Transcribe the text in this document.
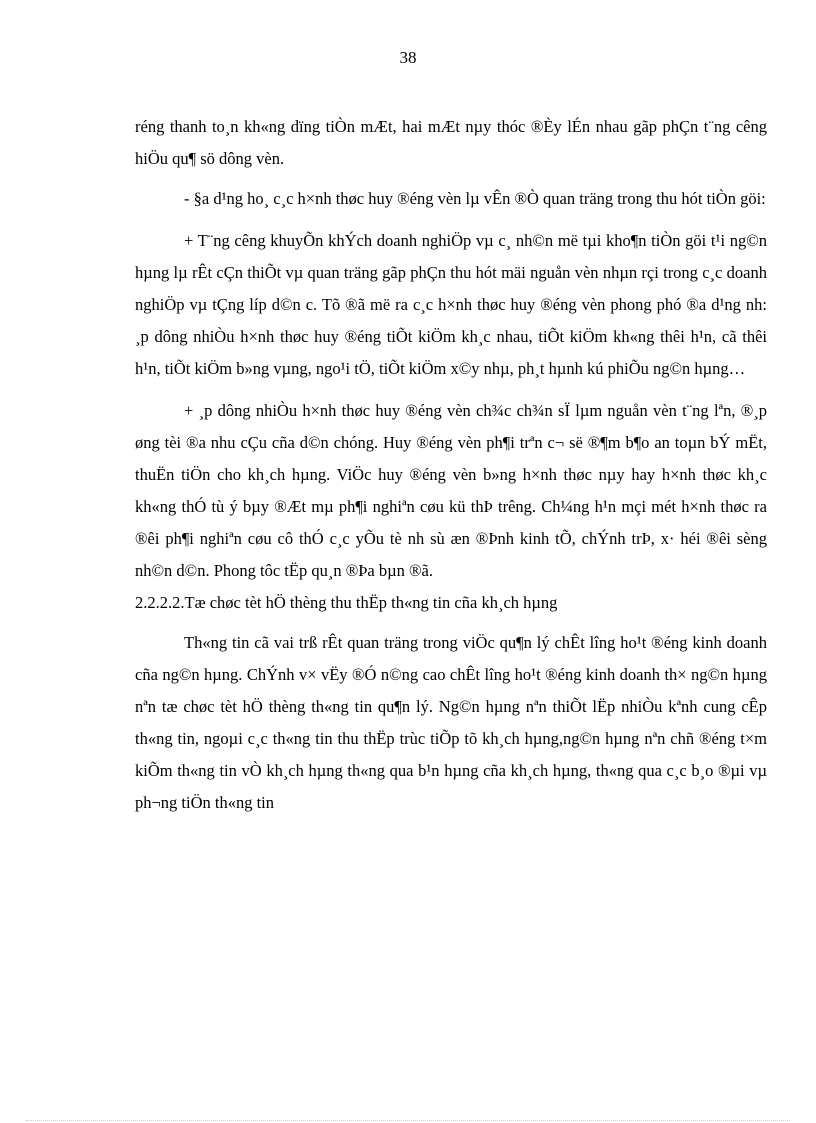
38

réng thanh to¸n kh«ng dïng tiÒn mÆt, hai mÆt nµy thóc ®Èy lÉn nhau gãp phÇn t¨ng cêng hiÖu qu¶ sö dông vèn.

- §a d¹ng ho¸ c¸c h×nh thøc huy ®éng vèn lµ vÊn ®Ò quan träng trong thu hót tiÒn göi:

+ T¨ng cêng khuyÕn khÝch doanh nghiÖp vµ c¸ nh©n më tµi kho¶n tiÒn göi t¹i ng©n hµng lµ rÊt cÇn thiÕt vµ quan träng gãp phÇn thu hót mäi nguån vèn nhµn rçi trong c¸c doanh nghiÖp vµ tÇng líp d©n c. Tõ ®ã më ra c¸c h×nh thøc huy ®éng vèn phong phó ®a d¹ng nh: ¸p dông nhiÒu h×nh thøc huy ®éng tiÕt kiÖm kh¸c nhau, tiÕt kiÖm kh«ng thêi h¹n, cã thêi h¹n, tiÕt kiÖm b»ng vµng, ngo¹i tÖ, tiÕt kiÖm x©y nhµ, ph¸t hµnh kú phiÕu ng©n hµng…

+ ¸p dông nhiÒu h×nh thøc huy ®éng vèn ch¾c ch¾n sÏ lµm nguån vèn t¨ng lªn, ®¸p øng tèi ®a nhu cÇu cña d©n chóng. Huy ®éng vèn ph¶i trªn c¬ së ®¶m b¶o an toµn bÝ mËt, thuËn tiÖn cho kh¸ch hµng. ViÖc huy ®éng vèn b»ng h×nh thøc nµy hay h×nh thøc kh¸c kh«ng thÓ tù ý bµy ®Æt mµ ph¶i nghiªn cøu kü thÞ trêng. Ch¼ng h¹n mçi mét h×nh thøc ra ®êi ph¶i nghiªn cøu cô thÓ c¸c yÕu tè nh sù æn ®Þnh kinh tÕ, chÝnh trÞ, x· héi ®êi sèng nh©n d©n. Phong tôc tËp qu¸n ®Þa bµn ®ã.

2.2.2.2.Tæ chøc tèt hÖ thèng thu thËp th«ng tin cña kh¸ch hµng

Th«ng tin cã vai trß rÊt quan träng trong viÖc qu¶n lý chÊt lîng ho¹t ®éng kinh doanh cña ng©n hµng. ChÝnh v× vËy ®Ó n©ng cao chÊt lîng ho¹t ®éng kinh doanh th× ng©n hµng nªn tæ chøc tèt hÖ thèng th«ng tin qu¶n lý. Ng©n hµng nªn thiÕt lËp nhiÒu kªnh cung cÊp th«ng tin, ngoµi c¸c th«ng tin thu thËp trùc tiÕp tõ kh¸ch hµng,ng©n hµng nªn chñ ®éng t×m kiÕm th«ng tin vÒ kh¸ch hµng th«ng qua b¹n hµng cña kh¸ch hµng, th«ng qua c¸c b¸o ®µi vµ ph¬ng tiÖn th«ng tin
